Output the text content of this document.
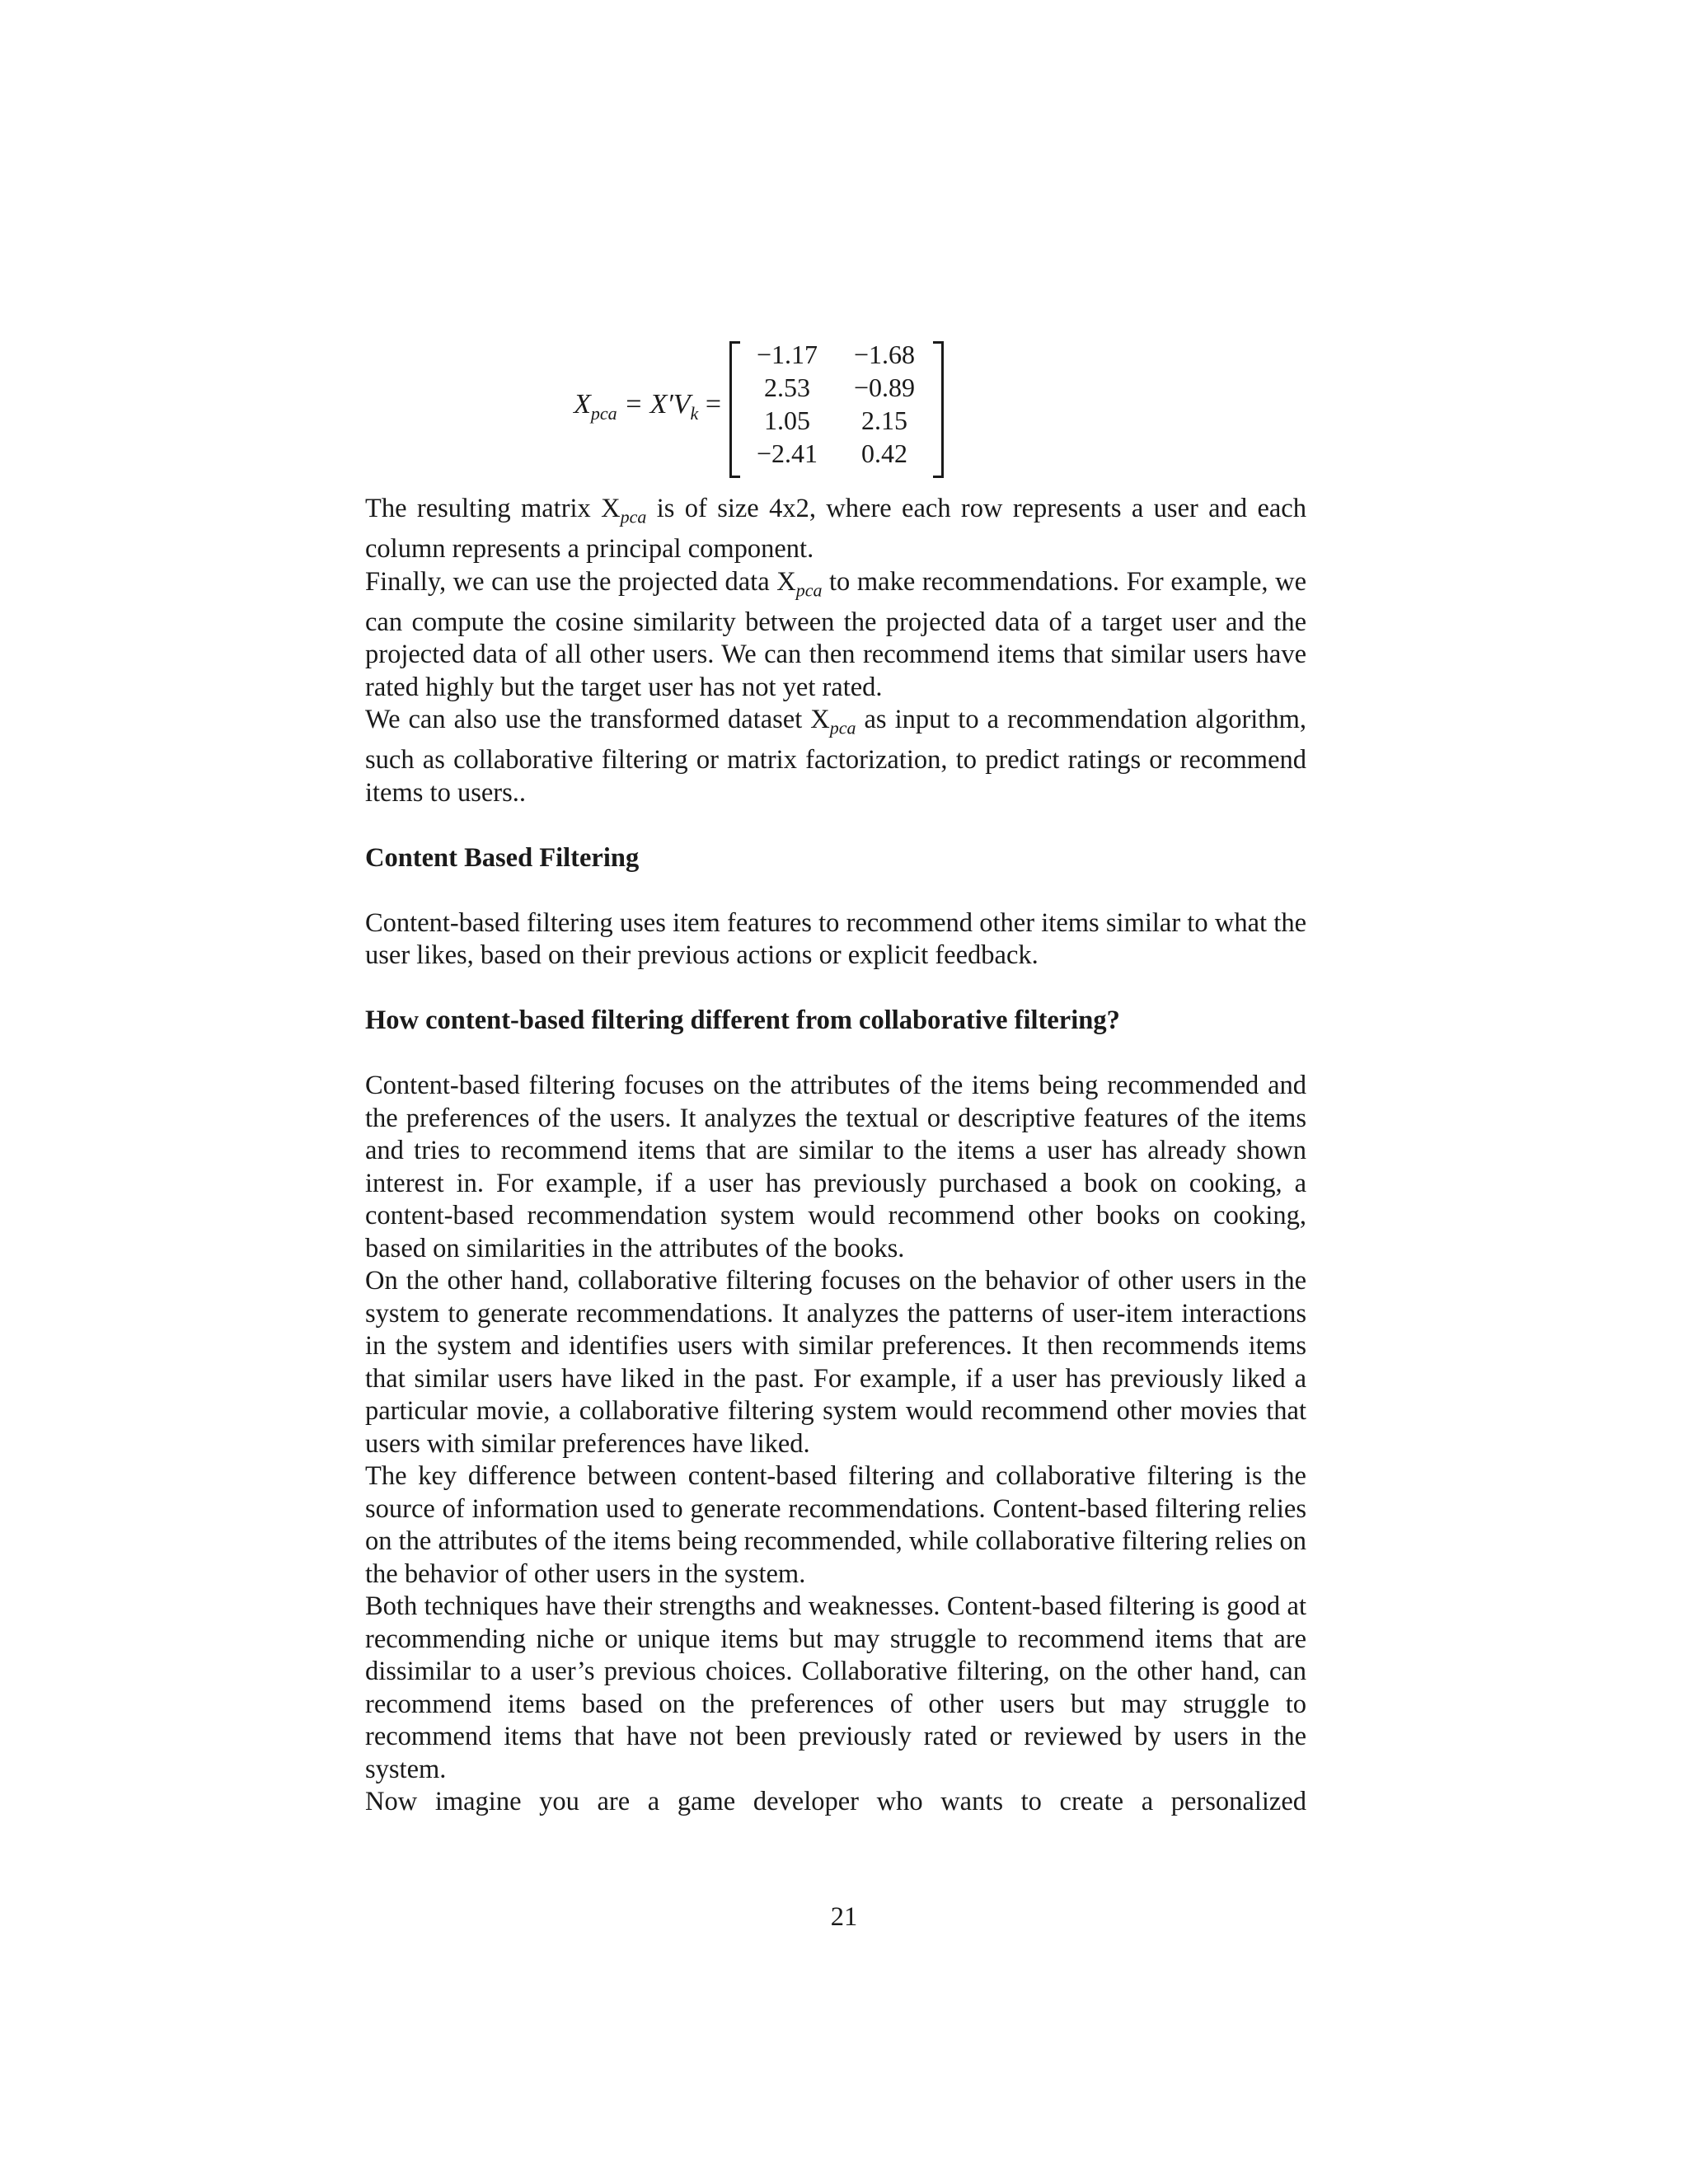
$X_{pca} = X'V_k$ =
−1.17	−1.68
2.53	−0.89
1.05	2.15
−2.41	0.42

The resulting matrix $X_{pca}$ is of size 4x2, where each row represents a user and each column represents a principal component.

Finally, we can use the projected data $X_{pca}$ to make recommendations. For example, we can compute the cosine similarity between the projected data of a target user and the projected data of all other users. We can then recommend items that similar users have rated highly but the target user has not yet rated.

We can also use the transformed dataset $X_{pca}$ as input to a recommendation algorithm, such as collaborative filtering or matrix factorization, to predict ratings or recommend items to users..

Content Based Filtering

Content-based filtering uses item features to recommend other items similar to what the user likes, based on their previous actions or explicit feedback.

How content-based filtering different from collaborative filtering?

Content-based filtering focuses on the attributes of the items being recommended and the preferences of the users. It analyzes the textual or descriptive features of the items and tries to recommend items that are similar to the items a user has already shown interest in. For example, if a user has previously purchased a book on cooking, a content-based recommendation system would recommend other books on cooking, based on similarities in the attributes of the books.

On the other hand, collaborative filtering focuses on the behavior of other users in the system to generate recommendations. It analyzes the patterns of user-item interactions in the system and identifies users with similar preferences. It then recommends items that similar users have liked in the past. For example, if a user has previously liked a particular movie, a collaborative filtering system would recommend other movies that users with similar preferences have liked.

The key difference between content-based filtering and collaborative filtering is the source of information used to generate recommendations. Content-based filtering relies on the attributes of the items being recommended, while collaborative filtering relies on the behavior of other users in the system.

Both techniques have their strengths and weaknesses. Content-based filtering is good at recommending niche or unique items but may struggle to recommend items that are dissimilar to a user’s previous choices. Collaborative filtering, on the other hand, can recommend items based on the preferences of other users but may struggle to recommend items that have not been previously rated or reviewed by users in the system.

Now imagine you are a game developer who wants to create a personalized

21
